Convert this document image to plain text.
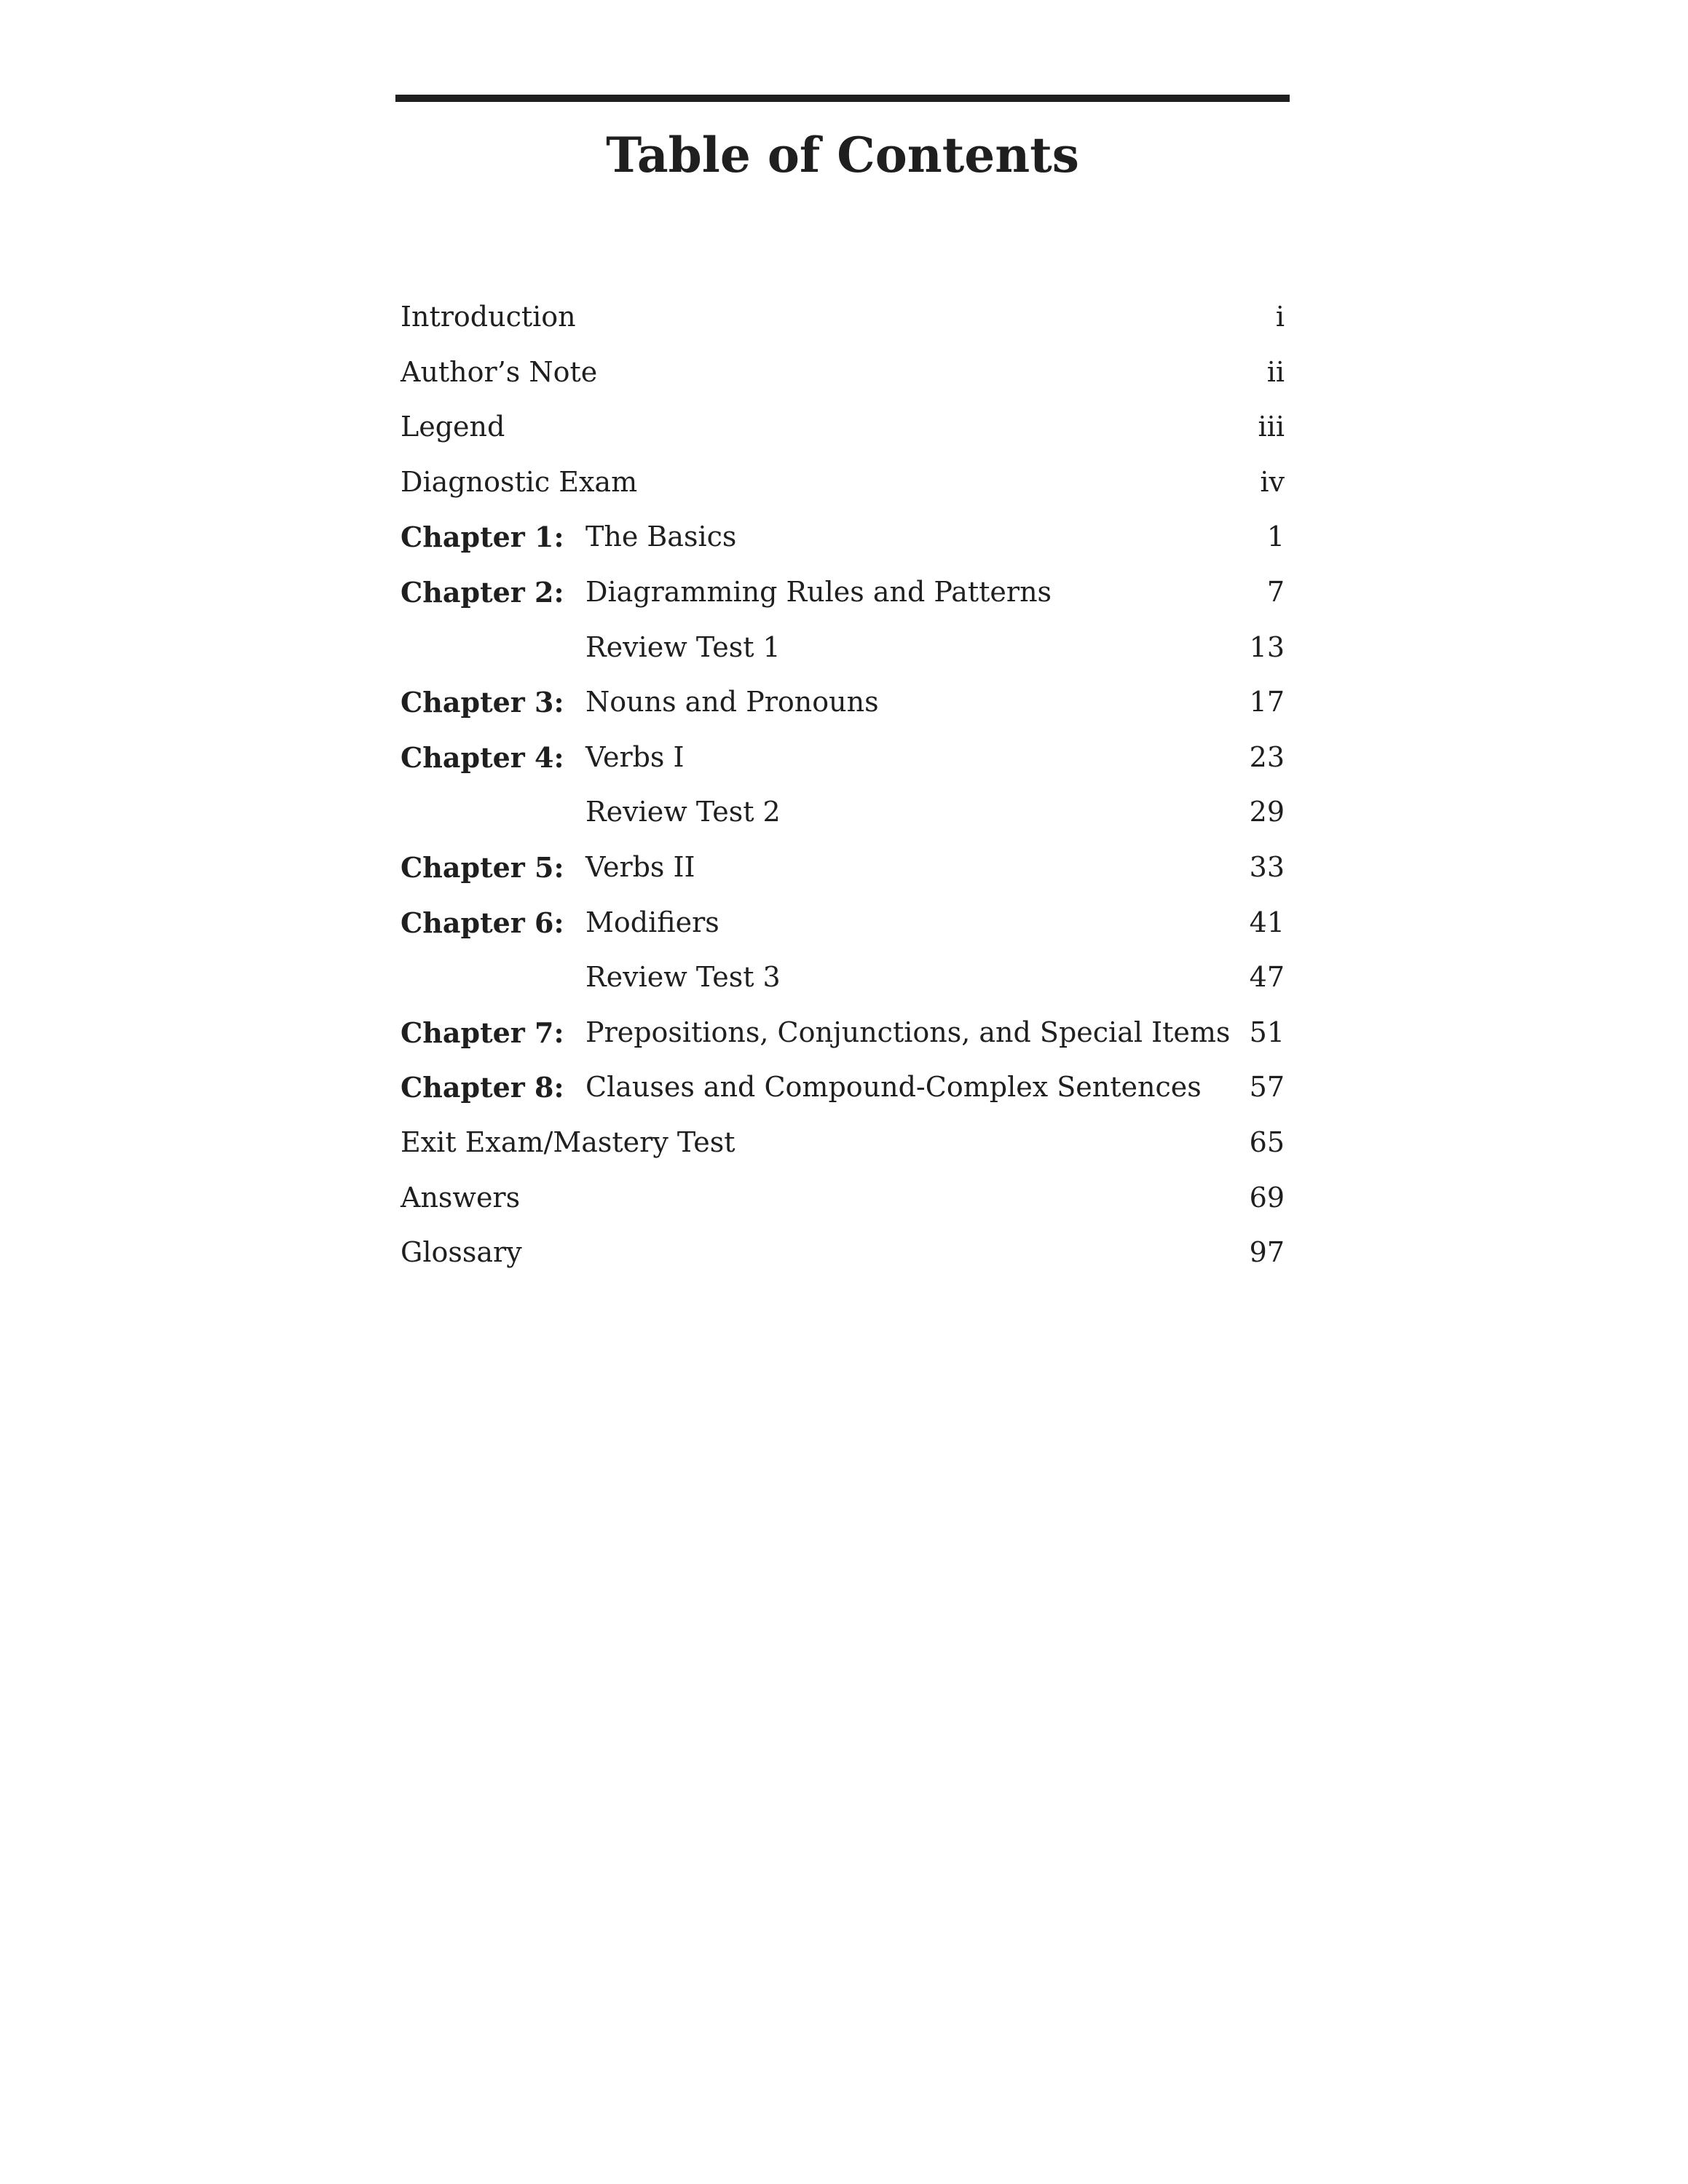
Table of Contents
Introduction	i
Author’s Note	ii
Legend	iii
Diagnostic Exam	iv
Chapter 1: The Basics	1
Chapter 2: Diagramming Rules and Patterns	7
Review Test 1	13
Chapter 3: Nouns and Pronouns	17
Chapter 4: Verbs I	23
Review Test 2	29
Chapter 5: Verbs II	33
Chapter 6: Modifiers	41
Review Test 3	47
Chapter 7: Prepositions, Conjunctions, and Special Items 51
Chapter 8: Clauses and Compound-Complex Sentences 57
Exit Exam/Mastery Test	65
Answers	69
Glossary	97
